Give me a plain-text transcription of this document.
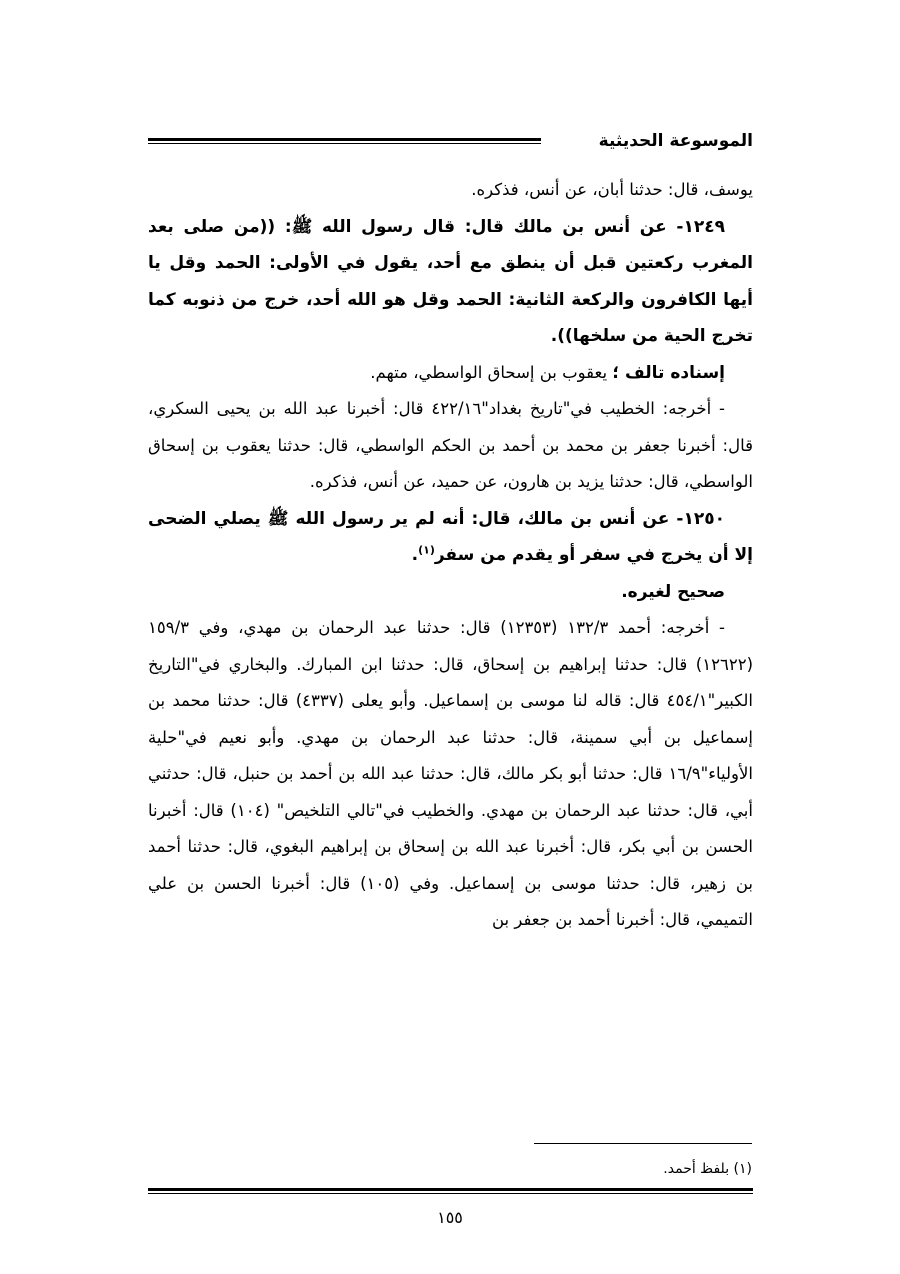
الموسوعة الحديثية

يوسف، قال: حدثنا أبان، عن أنس، فذكره.

١٢٤٩- عن أنس بن مالك قال: قال رسول الله ﷺ: ((من صلى بعد المغرب ركعتين قبل أن ينطق مع أحد، يقول في الأولى: الحمد وقل يا أيها الكافرون والركعة الثانية: الحمد وقل هو الله أحد، خرج من ذنوبه كما تخرج الحية من سلخها)).

إسناده تالف ؛ يعقوب بن إسحاق الواسطي، متهم.

- أخرجه: الخطيب في"تاريخ بغداد"٤٢٢/١٦ قال: أخبرنا عبد الله بن يحيى السكري، قال: أخبرنا جعفر بن محمد بن أحمد بن الحكم الواسطي، قال: حدثنا يعقوب بن إسحاق الواسطي، قال: حدثنا يزيد بن هارون، عن حميد، عن أنس، فذكره.

١٢٥٠- عن أنس بن مالك، قال: أنه لم ير رسول الله ﷺ يصلي الضحى إلا أن يخرج في سفر أو يقدم من سفر$^{(١)}$.

صحيح لغيره.

- أخرجه: أحمد ١٣٢/٣ (١٢٣٥٣) قال: حدثنا عبد الرحمان بن مهدي، وفي ١٥٩/٣ (١٢٦٢٢) قال: حدثنا إبراهيم بن إسحاق، قال: حدثنا ابن المبارك. والبخاري في"التاريخ الكبير"٤٥٤/١ قال: قاله لنا موسى بن إسماعيل. وأبو يعلى (٤٣٣٧) قال: حدثنا محمد بن إسماعيل بن أبي سمينة، قال: حدثنا عبد الرحمان بن مهدي. وأبو نعيم في"حلية الأولياء"١٦/٩ قال: حدثنا أبو بكر مالك، قال: حدثنا عبد الله بن أحمد بن حنبل، قال: حدثني أبي، قال: حدثنا عبد الرحمان بن مهدي. والخطيب في"تالي التلخيص" (١٠٤) قال: أخبرنا الحسن بن أبي بكر، قال: أخبرنا عبد الله بن إسحاق بن إبراهيم البغوي، قال: حدثنا أحمد بن زهير، قال: حدثنا موسى بن إسماعيل. وفي (١٠٥) قال: أخبرنا الحسن بن علي التميمي، قال: أخبرنا أحمد بن جعفر بن

(١) بلفظ أحمد.
١٥٥
